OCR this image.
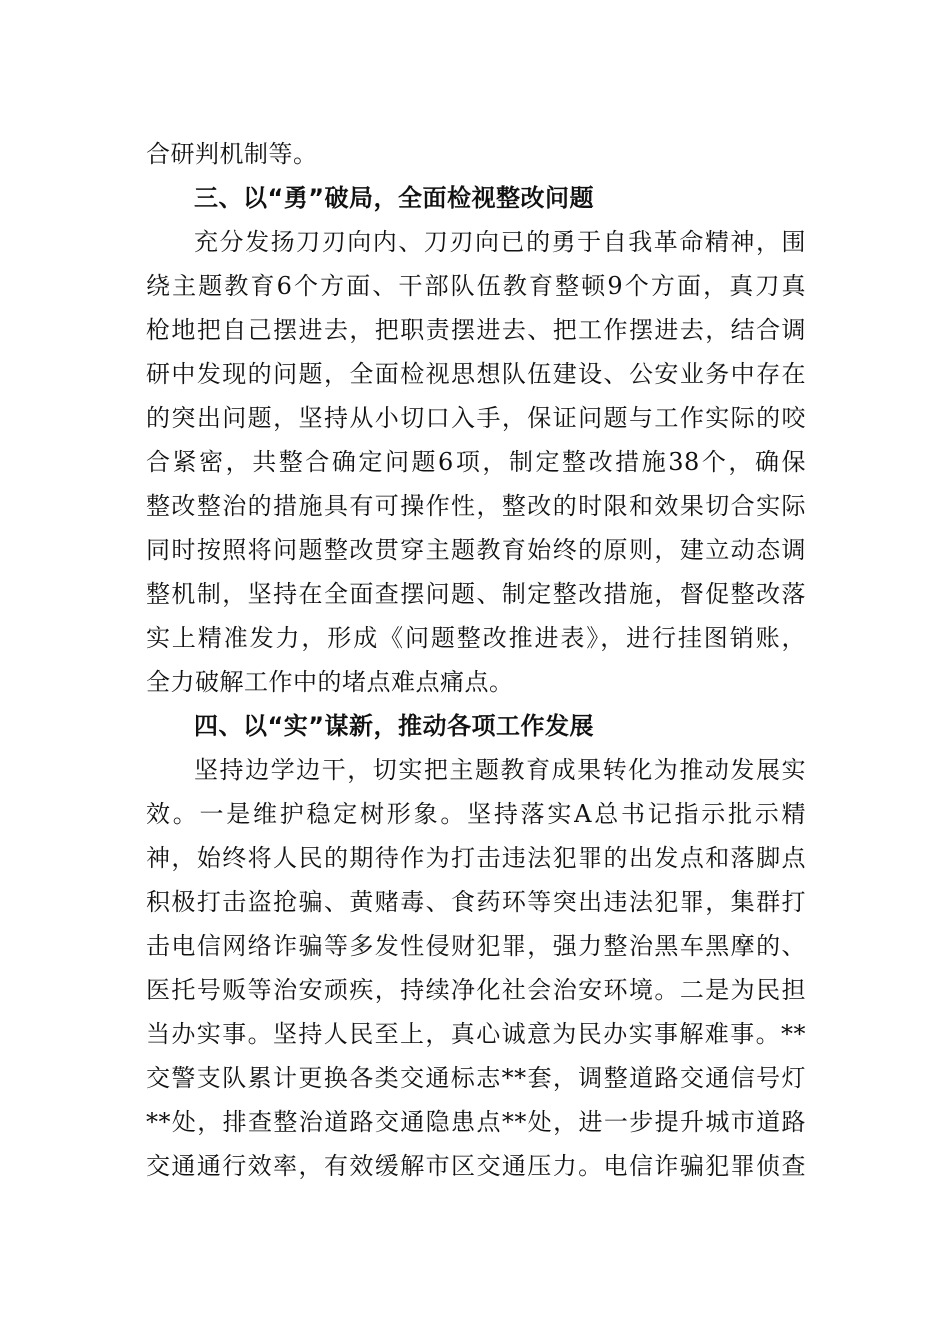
合研判机制等。
三、以“勇”破局，全面检视整改问题
充分发扬刀刃向内、刀刃向已的勇于自我革命精神，围
绕主题教育6个方面、干部队伍教育整顿9个方面，真刀真
枪地把自己摆进去，把职责摆进去、把工作摆进去，结合调
研中发现的问题，全面检视思想队伍建设、公安业务中存在
的突出问题，坚持从小切口入手，保证问题与工作实际的咬
合紧密，共整合确定问题6项，制定整改措施38个，确保
整改整治的措施具有可操作性，整改的时限和效果切合实际
同时按照将问题整改贯穿主题教育始终的原则，建立动态调
整机制，坚持在全面查摆问题、制定整改措施，督促整改落
实上精准发力，形成《问题整改推进表》，进行挂图销账，
全力破解工作中的堵点难点痛点。
四、以“实”谋新，推动各项工作发展
坚持边学边干，切实把主题教育成果转化为推动发展实
效。一是维护稳定树形象。坚持落实A总书记指示批示精
神，始终将人民的期待作为打击违法犯罪的出发点和落脚点
积极打击盗抢骗、黄赌毒、食药环等突出违法犯罪，集群打
击电信网络诈骗等多发性侵财犯罪，强力整治黑车黑摩的、
医托号贩等治安顽疾，持续净化社会治安环境。二是为民担
当办实事。坚持人民至上，真心诚意为民办实事解难事。**
交警支队累计更换各类交通标志**套，调整道路交通信号灯
**处，排查整治道路交通隐患点**处，进一步提升城市道路
交通通行效率，有效缓解市区交通压力。电信诈骗犯罪侦查
